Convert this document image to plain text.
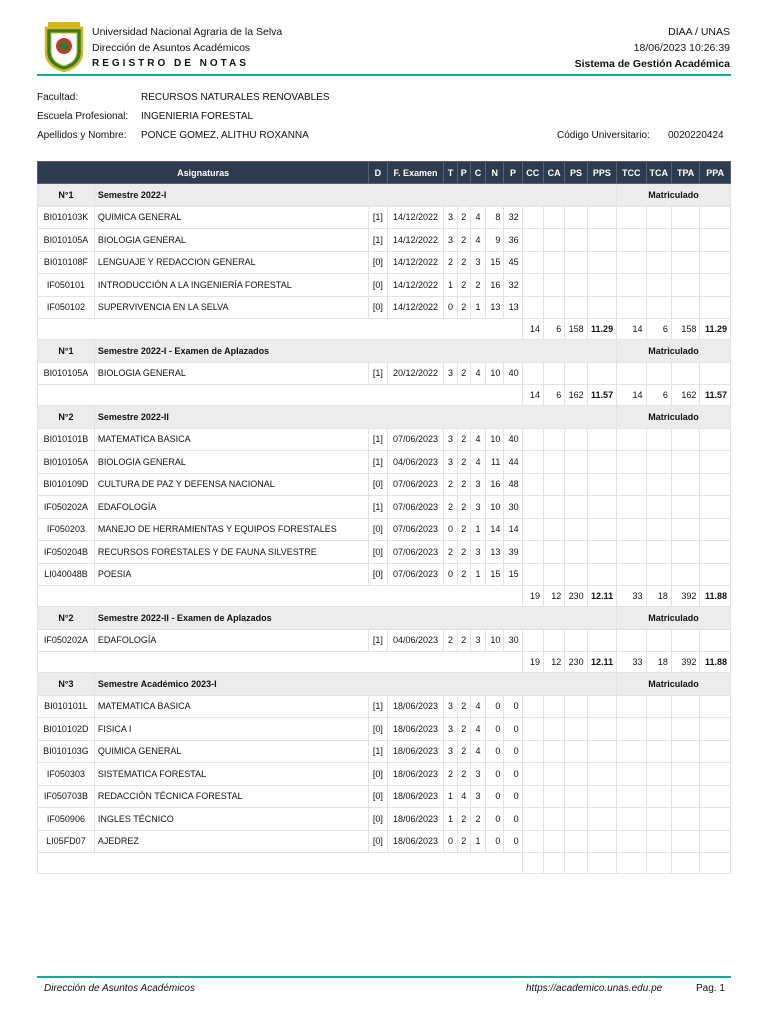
Universidad Nacional Agraria de la Selva
Dirección de Asuntos Académicos
REGISTRO DE NOTAS
DIAA / UNAS
18/06/2023 10:26:39
Sistema de Gestión Académica
Facultad:	RECURSOS NATURALES RENOVABLES
Escuela Profesional: INGENIERIA FORESTAL
Apellidos y Nombre: PONCE GOMEZ, ALITHU ROXANNA	Código Universitario: 0020220424
Asignaturas		D	F. Examen	T	P	C	N	P	CC	CA	PS	PPS	TCC	TCA	TPA	PPA
N°1	Semestre 2022-I												Matriculado			
BI010103K	QUIMICA GENERAL	[1]	14/12/2022	3	2	4	8	32								
BI010105A	BIOLOGIA GENERAL	[1]	14/12/2022	3	2	4	9	36								
BI010108F	LENGUAJE Y REDACCION GENERAL	[0]	14/12/2022	2	2	3	15	45								
IF050101	INTRODUCCIÓN A LA INGENIERÍA FORESTAL	[0]	14/12/2022	1	2	2	16	32								
IF050102	SUPERVIVENCIA EN LA SELVA	[0]	14/12/2022	0	2	1	13	13								
									14	6	158	11.29	14	6	158	11.29
N°1	Semestre 2022-I - Examen de Aplazados												Matriculado			
BI010105A	BIOLOGIA GENERAL	[1]	20/12/2022	3	2	4	10	40								
									14	6	162	11.57	14	6	162	11.57
N°2	Semestre 2022-II												Matriculado			
BI010101B	MATEMATICA BASICA	[1]	07/06/2023	3	2	4	10	40								
BI010105A	BIOLOGIA GENERAL	[1]	04/06/2023	3	2	4	11	44								
BI010109D	CULTURA DE PAZ Y DEFENSA NACIONAL	[0]	07/06/2023	2	2	3	16	48								
IF050202A	EDAFOLOGÍA	[1]	07/06/2023	2	2	3	10	30								
IF050203	MANEJO DE HERRAMIENTAS Y EQUIPOS FORESTALES	[0]	07/06/2023	0	2	1	14	14								
IF050204B	RECURSOS FORESTALES Y DE FAUNA SILVESTRE	[0]	07/06/2023	2	2	3	13	39								
LI040048B	POESIA	[0]	07/06/2023	0	2	1	15	15								
									19	12	230	12.11	33	18	392	11.88
N°2	Semestre 2022-II - Examen de Aplazados												Matriculado			
IF050202A	EDAFOLOGÍA	[1]	04/06/2023	2	2	3	10	30								
									19	12	230	12.11	33	18	392	11.88
N°3	Semestre Académico 2023-I												Matriculado			
BI010101L	MATEMATICA BASICA	[1]	18/06/2023	3	2	4	0	0								
BI010102D	FISICA I	[0]	18/06/2023	3	2	4	0	0								
BI010103G	QUIMICA GENERAL	[1]	18/06/2023	3	2	4	0	0								
IF050303	SISTEMATICA FORESTAL	[0]	18/06/2023	2	2	3	0	0								
IF050703B	REDACCIÓN TÉCNICA FORESTAL	[0]	18/06/2023	1	4	3	0	0								
IF050906	INGLES TÉCNICO	[0]	18/06/2023	1	2	2	0	0								
LI05FD07	AJEDREZ	[0]	18/06/2023	0	2	1	0	0								

Dirección de Asuntos Académicos	https://academico.unas.edu.pe	Pag. 1
